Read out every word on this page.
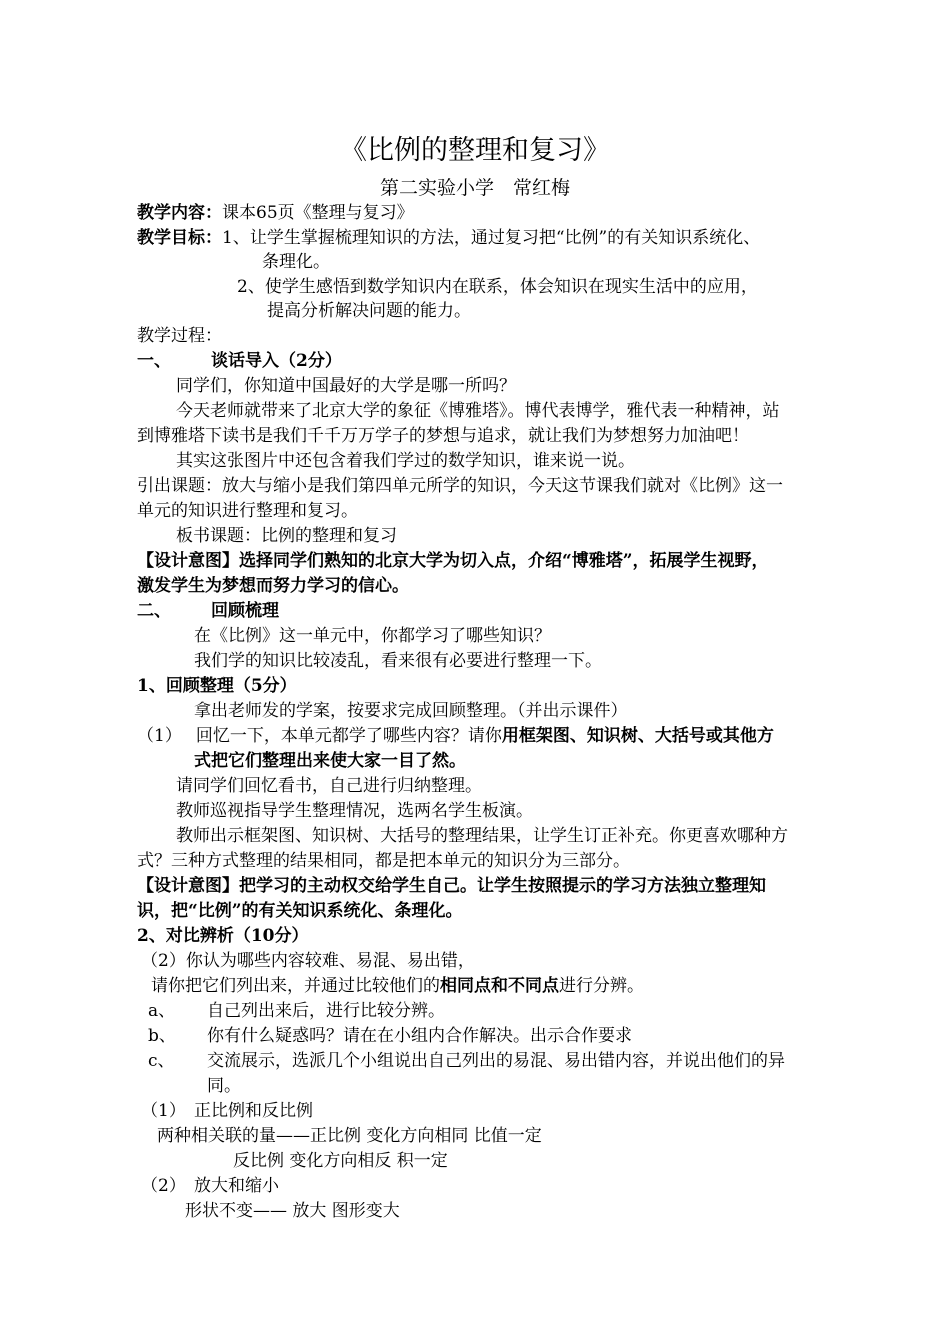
《比例的整理和复习》
第二实验小学　常红梅
教学内容：课本65页《整理与复习》
教学目标：1、让学生掌握梳理知识的方法，通过复习把“比例”的有关知识系统化、
条理化。
2、使学生感悟到数学知识内在联系，体会知识在现实生活中的应用，
提高分析解决问题的能力。
教学过程：
一、 谈话导入（2分）
同学们，你知道中国最好的大学是哪一所吗？
今天老师就带来了北京大学的象征《博雅塔》。博代表博学，雅代表一种精神，站
到博雅塔下读书是我们千千万万学子的梦想与追求，就让我们为梦想努力加油吧！
其实这张图片中还包含着我们学过的数学知识，谁来说一说。
引出课题：放大与缩小是我们第四单元所学的知识，今天这节课我们就对《比例》这一
单元的知识进行整理和复习。
板书课题：比例的整理和复习
【设计意图】选择同学们熟知的北京大学为切入点，介绍“博雅塔”，拓展学生视野，
激发学生为梦想而努力学习的信心。
二、 回顾梳理
在《比例》这一单元中，你都学习了哪些知识？
我们学的知识比较凌乱，看来很有必要进行整理一下。
1、回顾整理（5分）
拿出老师发的学案，按要求完成回顾整理。（并出示课件）
（1） 回忆一下，本单元都学了哪些内容？请你用框架图、知识树、大括号或其他方
式把它们整理出来使大家一目了然。
请同学们回忆看书，自己进行归纳整理。
教师巡视指导学生整理情况，选两名学生板演。
教师出示框架图、知识树、大括号的整理结果，让学生订正补充。你更喜欢哪种方
式？三种方式整理的结果相同，都是把本单元的知识分为三部分。
【设计意图】把学习的主动权交给学生自己。让学生按照提示的学习方法独立整理知
识，把“比例”的有关知识系统化、条理化。
2、对比辨析（10分）
（2）你认为哪些内容较难、易混、易出错，
请你把它们列出来，并通过比较他们的相同点和不同点进行分辨。
a、 自己列出来后，进行比较分辨。
b、 你有什么疑惑吗？请在在小组内合作解决。出示合作要求
c、 交流展示，选派几个小组说出自己列出的易混、易出错内容，并说出他们的异
同。
（1） 正比例和反比例
两种相关联的量——正比例 变化方向相同 比值一定
反比例 变化方向相反 积一定
（2） 放大和缩小
形状不变—— 放大 图形变大
